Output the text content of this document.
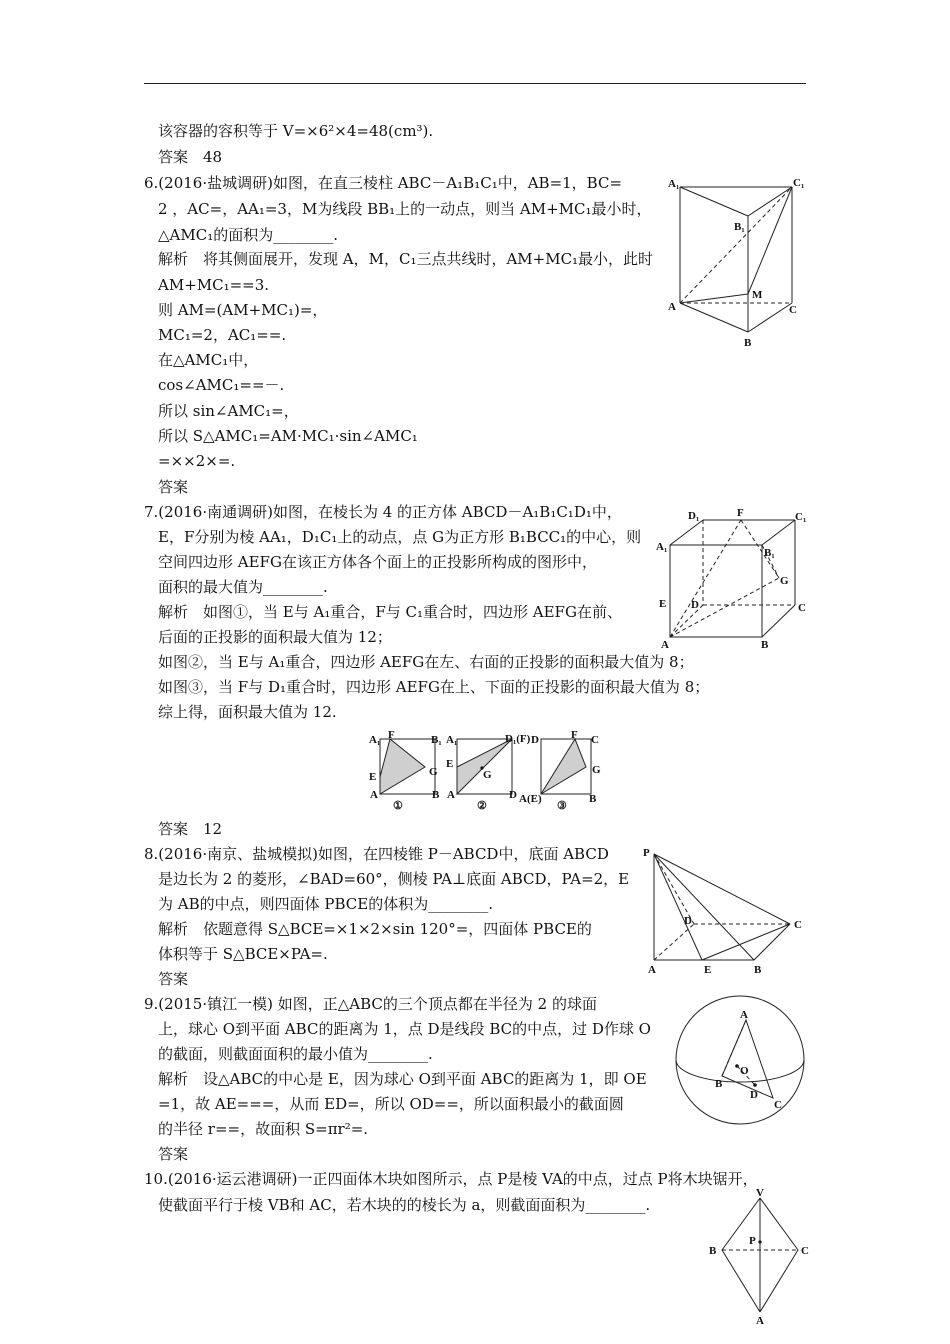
该容器的容积等于 V=×6²×4=48(cm³).
答案　48
6.(2016·盐城调研)如图，在直三棱柱 ABC－A₁B₁C₁中，AB=1，BC=
2 ，AC=，AA₁=3，M为线段 BB₁上的一动点，则当 AM+MC₁最小时，
△AMC₁的面积为________.
解析　将其侧面展开，发现 A，M，C₁三点共线时，AM+MC₁最小，此时
AM+MC₁==3.
则 AM=(AM+MC₁)=，
MC₁=2，AC₁==.
在△AMC₁中，
cos∠AMC₁==－.
所以 sin∠AMC₁=，
所以 S△AMC₁=AM·MC₁·sin∠AMC₁
=××2×=.
答案
7.(2016·南通调研)如图，在棱长为 4 的正方体 ABCD－A₁B₁C₁D₁中，
E，F分别为棱 AA₁，D₁C₁上的动点，点 G为正方形 B₁BCC₁的中心，则
空间四边形 AEFG在该正方体各个面上的正投影所构成的图形中，
面积的最大值为________.
解析　如图①，当 E与 A₁重合，F与 C₁重合时，四边形 AEFG在前、
后面的正投影的面积最大值为 12；
如图②，当 E与 A₁重合，四边形 AEFG在左、右面的正投影的面积最大值为 8；
如图③，当 F与 D₁重合时，四边形 AEFG在上、下面的正投影的面积最大值为 8；
综上得，面积最大值为 12.
答案　12
8.(2016·南京、盐城模拟)如图，在四棱锥 P－ABCD中，底面 ABCD
是边长为 2 的菱形，∠BAD=60°，侧棱 PA⊥底面 ABCD，PA=2，E
为 AB的中点，则四面体 PBCE的体积为________.
解析　依题意得 S△BCE=×1×2×sin 120°=，四面体 PBCE的
体积等于 S△BCE×PA=.
答案
9.(2015·镇江一模) 如图，正△ABC的三个顶点都在半径为 2 的球面
上，球心 O到平面 ABC的距离为 1，点 D是线段 BC的中点，过 D作球 O
的截面，则截面面积的最小值为________.
解析　设△ABC的中心是 E，因为球心 O到平面 ABC的距离为 1，即 OE
=1，故 AE===，从而 ED=，所以 OD==，所以面积最小的截面圆
的半径 r==，故面积 S=πr²=.
答案
10.(2016·运云港调研)一正四面体木块如图所示，点 P是棱 VA的中点，过点 P将木块锯开，
使截面平行于棱 VB和 AC，若木块的的棱长为 a，则截面面积为________.
A₁	C₁
B₁
M
A	C
B
D₁	F	C₁
A₁	B₁
G
E D	C
A	B
A₁ F	B₁
E	G
A	B
①
A₁	D₁(F)
E
G
A	D
②
D	F C
G
A(E)	B
③
P
D	C
A	E	B
A
O
B
D
C
V
P
B	C
A
